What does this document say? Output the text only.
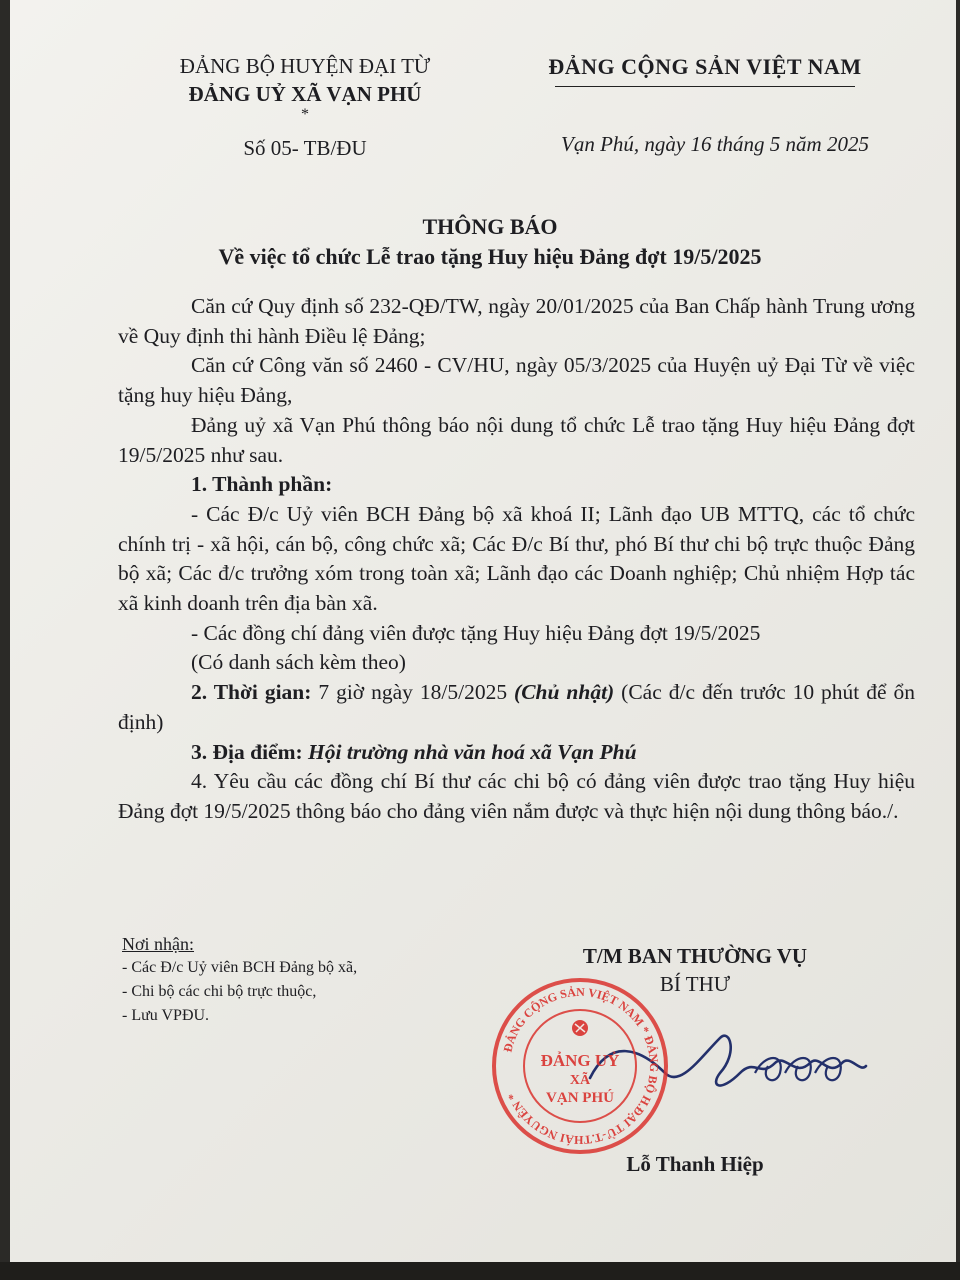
ĐẢNG BỘ HUYỆN ĐẠI TỪ
ĐẢNG UỶ XÃ VẠN PHÚ
*
Số 05- TB/ĐU
ĐẢNG CỘNG SẢN VIỆT NAM
Vạn Phú, ngày 16 tháng 5 năm 2025
THÔNG BÁO
Về việc tổ chức Lễ trao tặng Huy hiệu Đảng đợt 19/5/2025

Căn cứ Quy định số 232-QĐ/TW, ngày 20/01/2025 của Ban Chấp hành Trung ương về Quy định thi hành Điều lệ Đảng;

Căn cứ Công văn số 2460 - CV/HU, ngày 05/3/2025 của Huyện uỷ Đại Từ về việc tặng huy hiệu Đảng,

Đảng uỷ xã Vạn Phú thông báo nội dung tổ chức Lễ trao tặng Huy hiệu Đảng đợt 19/5/2025 như sau.

1. Thành phần:

- Các Đ/c Uỷ viên BCH Đảng bộ xã khoá II; Lãnh đạo UB MTTQ, các tổ chức chính trị - xã hội, cán bộ, công chức xã; Các Đ/c Bí thư, phó Bí thư chi bộ trực thuộc Đảng bộ xã; Các đ/c trưởng xóm trong toàn xã; Lãnh đạo các Doanh nghiệp; Chủ nhiệm Hợp tác xã kinh doanh trên địa bàn xã.

- Các đồng chí đảng viên được tặng Huy hiệu Đảng đợt 19/5/2025

(Có danh sách kèm theo)

2. Thời gian: 7 giờ ngày 18/5/2025 (Chủ nhật) (Các đ/c đến trước 10 phút để ổn định)

3. Địa điểm: Hội trường nhà văn hoá xã Vạn Phú

4. Yêu cầu các đồng chí Bí thư các chi bộ có đảng viên được trao tặng Huy hiệu Đảng đợt 19/5/2025 thông báo cho đảng viên nắm được và thực hiện nội dung thông báo./.

Nơi nhận:
- Các Đ/c Uỷ viên BCH Đảng bộ xã,
- Chi bộ các chi bộ trực thuộc,
- Lưu VPĐU.
T/M BAN THƯỜNG VỤ
BÍ THƯ
ĐẢNG CỘNG SẢN VIỆT NAM * ĐẢNG BỘ H.ĐẠI TỪ-T.THÁI NGUYÊN *
ĐẢNG UỶ
XÃ
VẠN PHÚ
Lỗ Thanh Hiệp
